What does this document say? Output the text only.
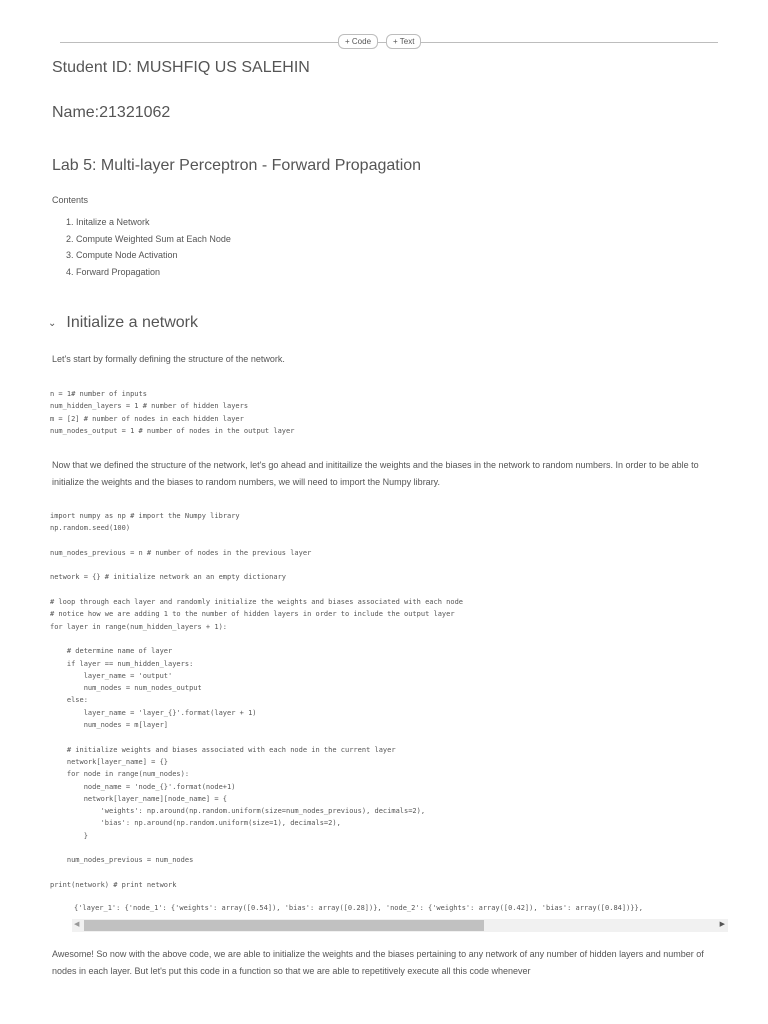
+ Code	+ Text
Student ID: MUSHFIQ US SALEHIN
Name:21321062
Lab 5: Multi-layer Perceptron - Forward Propagation
Contents
1. Initalize a Network
2. Compute Weighted Sum at Each Node
3. Compute Node Activation
4. Forward Propagation
⌄ Initialize a network
Let's start by formally defining the structure of the network.
n = 1# number of inputs
num_hidden_layers = 1 # number of hidden layers
m = [2] # number of nodes in each hidden layer
num_nodes_output = 1 # number of nodes in the output layer
Now that we defined the structure of the network, let's go ahead and inititailize the weights and the biases in the network to random numbers. In order to be able to initialize the weights and the biases to random numbers, we will need to import the Numpy library.
import numpy as np # import the Numpy library
np.random.seed(100)

num_nodes_previous = n # number of nodes in the previous layer

network = {} # initialize network an an empty dictionary

# loop through each layer and randomly initialize the weights and biases associated with each node
# notice how we are adding 1 to the number of hidden layers in order to include the output layer
for layer in range(num_hidden_layers + 1):

# determine name of layer
if layer == num_hidden_layers:
layer_name = 'output'
num_nodes = num_nodes_output
else:
layer_name = 'layer_{}'.format(layer + 1)
num_nodes = m[layer]

# initialize weights and biases associated with each node in the current layer
network[layer_name] = {}
for node in range(num_nodes):
node_name = 'node_{}'.format(node+1)
network[layer_name][node_name] = {
'weights': np.around(np.random.uniform(size=num_nodes_previous), decimals=2),
'bias': np.around(np.random.uniform(size=1), decimals=2),
}

num_nodes_previous = num_nodes

print(network) # print network
{'layer_1': {'node_1': {'weights': array([0.54]), 'bias': array([0.28])}, 'node_2': {'weights': array([0.42]), 'bias': array([0.84])}},
◀	▶
Awesome! So now with the above code, we are able to initialize the weights and the biases pertaining to any network of any number of hidden layers and number of nodes in each layer. But let's put this code in a function so that we are able to repetitively execute all this code whenever
